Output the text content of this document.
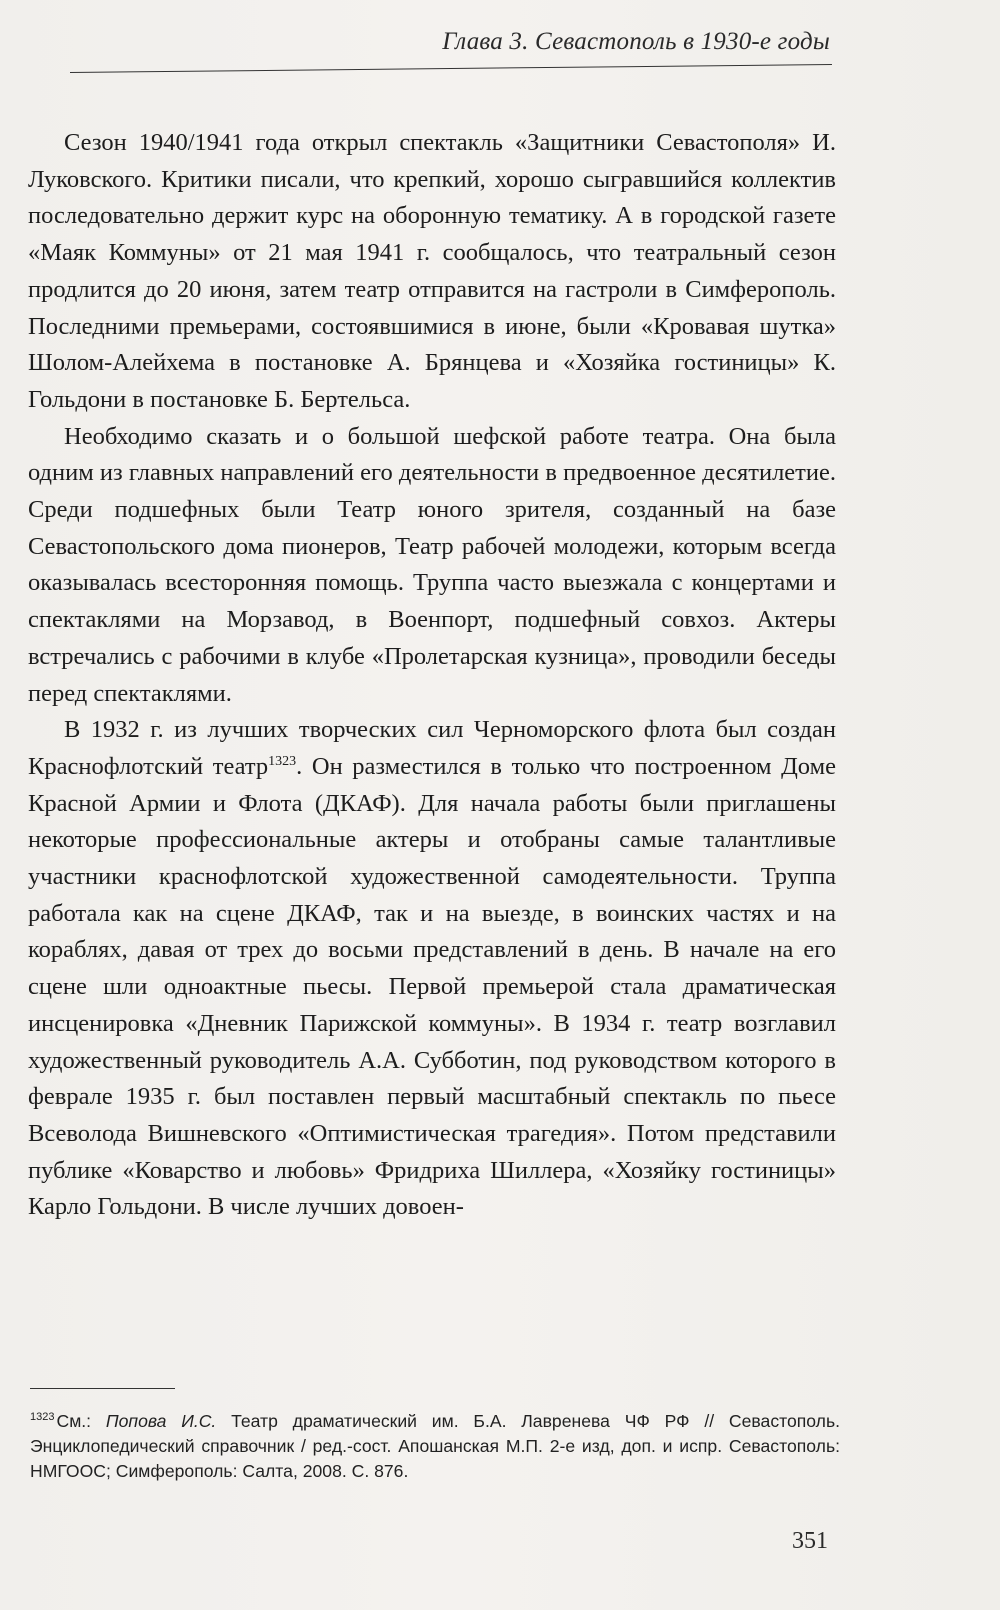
Глава 3. Севастополь в 1930-е годы

Сезон 1940/1941 года открыл спектакль «Защитники Севастополя» И. Луковского. Критики писали, что крепкий, хорошо сыгравшийся коллектив последовательно держит курс на оборонную тематику. А в городской газете «Маяк Коммуны» от 21 мая 1941 г. сообщалось, что театральный сезон продлится до 20 июня, затем театр отправится на гастроли в Симферополь. Последними премьерами, состоявшимися в июне, были «Кровавая шутка» Шолом-Алейхема в постановке А. Брянцева и «Хозяйка гостиницы» К. Гольдони в постановке Б. Бертельса.

Необходимо сказать и о большой шефской работе театра. Она была одним из главных направлений его деятельности в предвоенное десятилетие. Среди подшефных были Театр юного зрителя, созданный на базе Севастопольского дома пионеров, Театр рабочей молодежи, которым всегда оказывалась всесторонняя помощь. Труппа часто выезжала с концертами и спектаклями на Морзавод, в Военпорт, подшефный совхоз. Актеры встречались с рабочими в клубе «Пролетарская кузница», проводили беседы перед спектаклями.

В 1932 г. из лучших творческих сил Черноморского флота был создан Краснофлотский театр$^{1323}$. Он разместился в только что построенном Доме Красной Армии и Флота (ДКАФ). Для начала работы были приглашены некоторые профессиональные актеры и отобраны самые талантливые участники краснофлотской художественной самодеятельности. Труппа работала как на сцене ДКАФ, так и на выезде, в воинских частях и на кораблях, давая от трех до восьми представлений в день. В начале на его сцене шли одноактные пьесы. Первой премьерой стала драматическая инсценировка «Дневник Парижской коммуны». В 1934 г. театр возглавил художественный руководитель А.А. Субботин, под руководством которого в феврале 1935 г. был поставлен первый масштабный спектакль по пьесе Всеволода Вишневского «Оптимистическая трагедия». Потом представили публике «Коварство и любовь» Фридриха Шиллера, «Хозяйку гостиницы» Карло Гольдони. В числе лучших довоен-

$^{1323}$ См.: Попова И.С. Театр драматический им. Б.А. Лавренева ЧФ РФ // Севастополь. Энциклопедический справочник / ред.-сост. Апошанская М.П. 2-е изд, доп. и испр. Севастополь: НМГООС; Симферополь: Салта, 2008. С. 876.
351
